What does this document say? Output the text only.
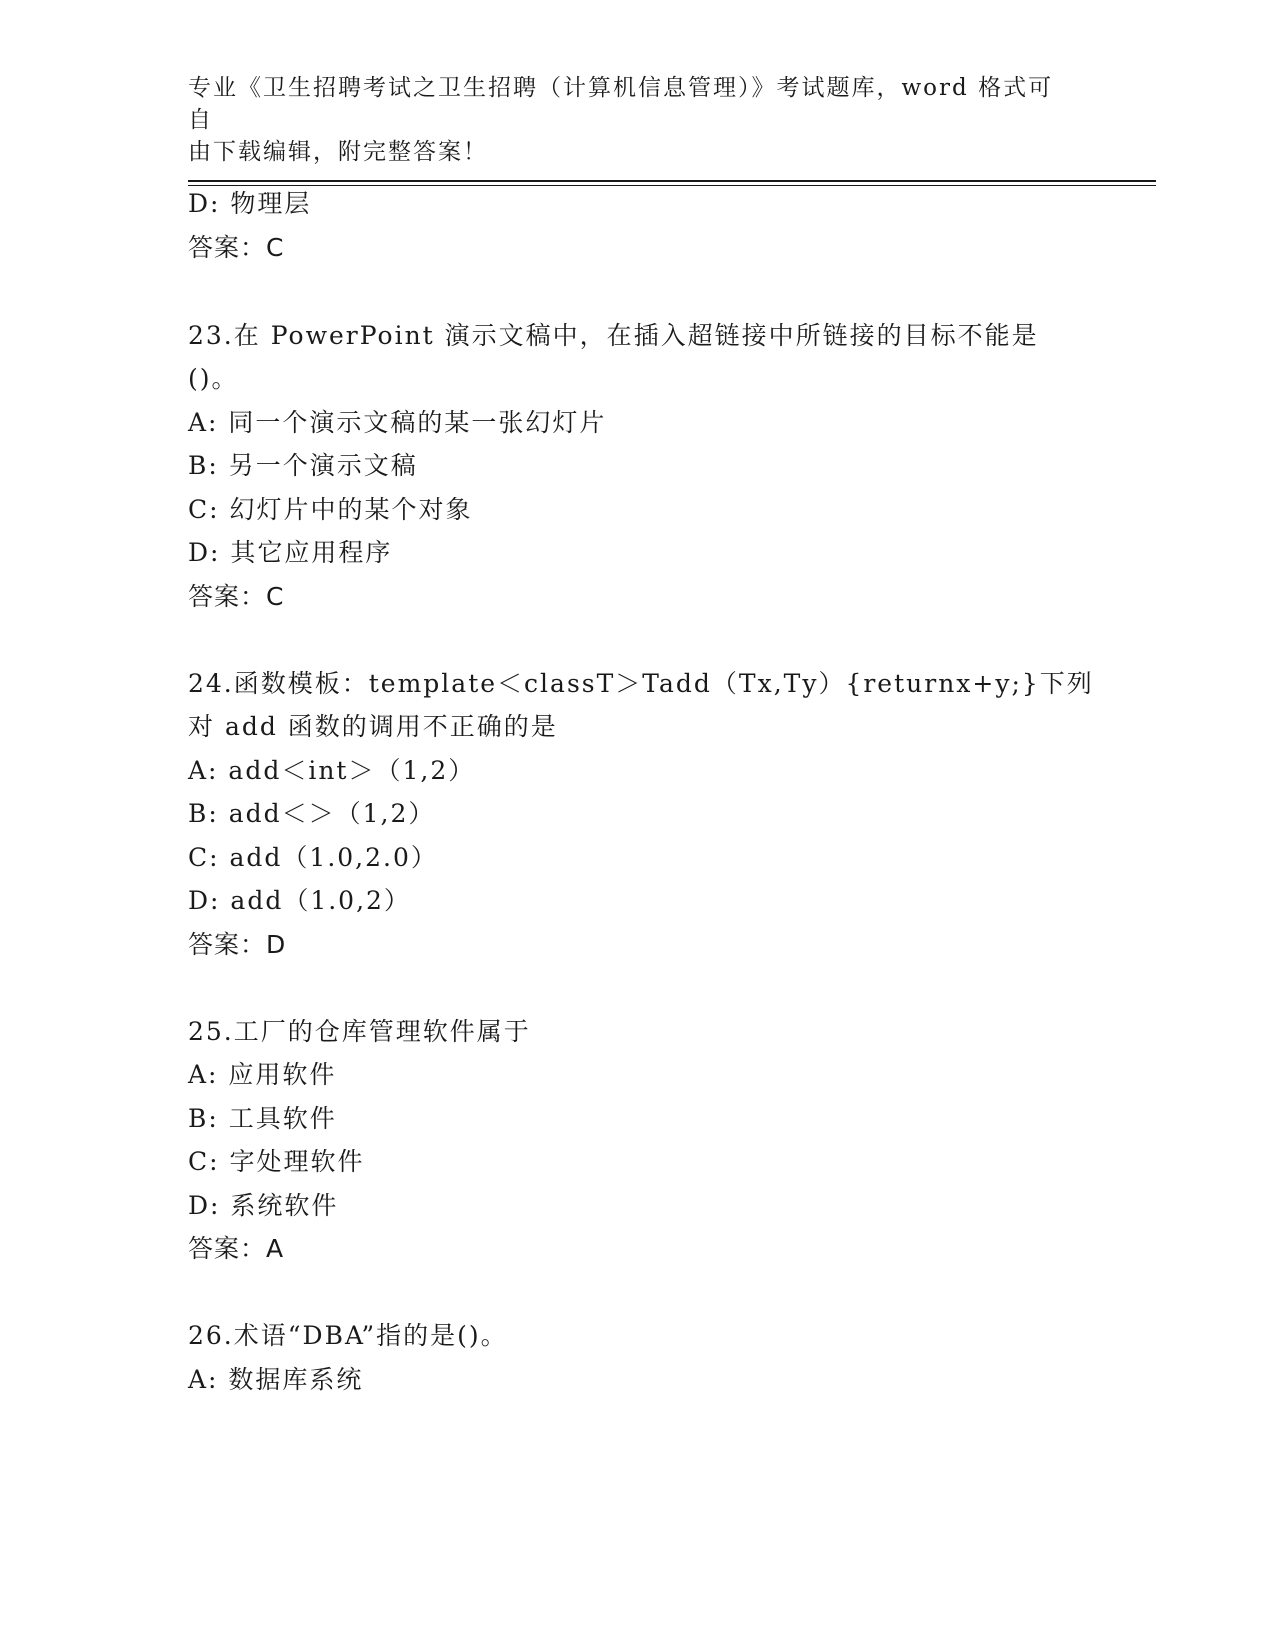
专业《卫生招聘考试之卫生招聘（计算机信息管理）》考试题库，word 格式可自
由下载编辑，附完整答案！
D: 物理层
答案：C
23.在 PowerPoint 演示文稿中，在插入超链接中所链接的目标不能是
()。
A: 同一个演示文稿的某一张幻灯片
B: 另一个演示文稿
C: 幻灯片中的某个对象
D: 其它应用程序
答案：C
24.函数模板：template＜classT＞Tadd（Tx,Ty）{returnx+y;}下列
对 add 函数的调用不正确的是
A: add＜int＞（1,2）
B: add＜＞（1,2）
C: add（1.0,2.0）
D: add（1.0,2）
答案：D
25.工厂的仓库管理软件属于
A: 应用软件
B: 工具软件
C: 字处理软件
D: 系统软件
答案：A
26.术语“DBA”指的是()。
A: 数据库系统
